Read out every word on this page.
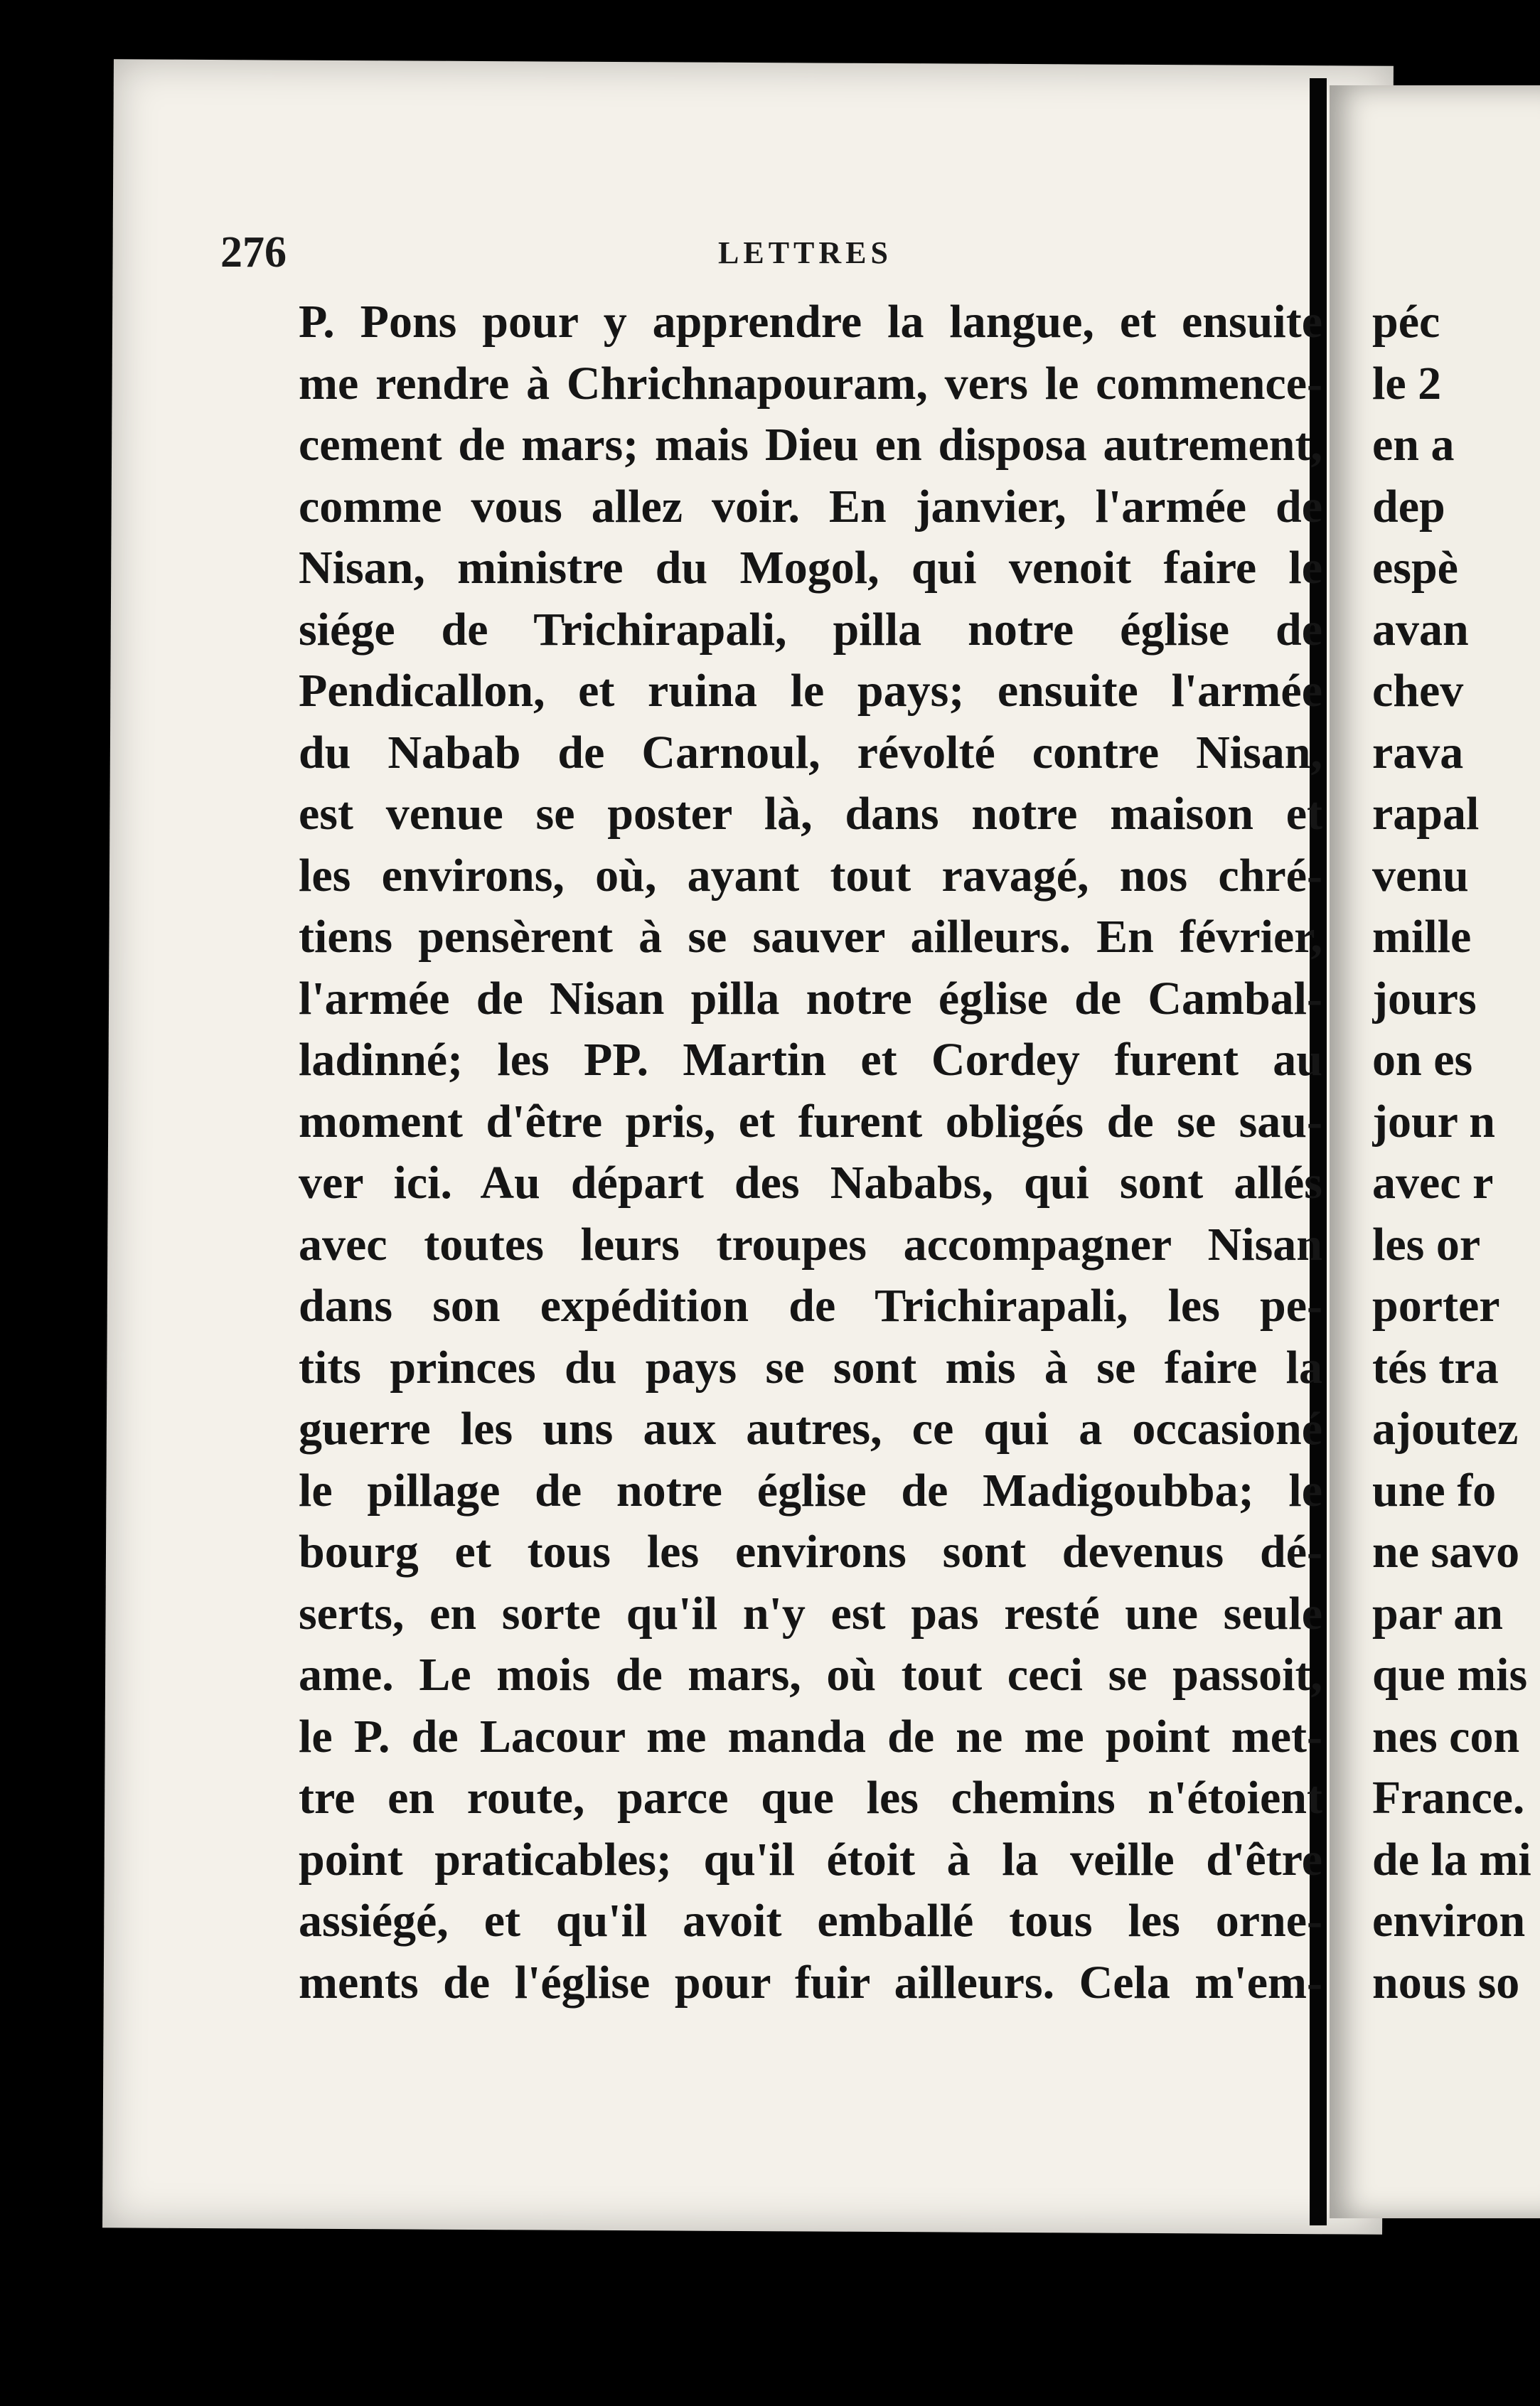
276	LETTRES
P. Pons pour y apprendre la langue, et ensuite
me rendre à Chrichnapouram, vers le commence-
cement de mars; mais Dieu en disposa autrement,
comme vous allez voir. En janvier, l'armée de
Nisan, ministre du Mogol, qui venoit faire le
siége de Trichirapali, pilla notre église de
Pendicallon, et ruina le pays; ensuite l'armée
du Nabab de Carnoul, révolté contre Nisan,
est venue se poster là, dans notre maison et
les environs, où, ayant tout ravagé, nos chré-
tiens pensèrent à se sauver ailleurs. En février,
l'armée de Nisan pilla notre église de Cambal-
ladinné; les PP. Martin et Cordey furent au
moment d'être pris, et furent obligés de se sau-
ver ici. Au départ des Nababs, qui sont allés
avec toutes leurs troupes accompagner Nisan
dans son expédition de Trichirapali, les pe-
tits princes du pays se sont mis à se faire la
guerre les uns aux autres, ce qui a occasioné
le pillage de notre église de Madigoubba; le
bourg et tous les environs sont devenus dé-
serts, en sorte qu'il n'y est pas resté une seule
ame. Le mois de mars, où tout ceci se passoit,
le P. de Lacour me manda de ne me point met-
tre en route, parce que les chemins n'étoient
point praticables; qu'il étoit à la veille d'être
assiégé, et qu'il avoit emballé tous les orne-
ments de l'église pour fuir ailleurs. Cela m'em-
péc
le 2
en a
dep
espè
avan
chev
rava
rapal
venu
mille
jours
on es
jour n
avec r
les or
porter
tés tra
ajoutez
une fo
ne savo
par an
que mis
nes con
France.
de la mi
environ
nous so
